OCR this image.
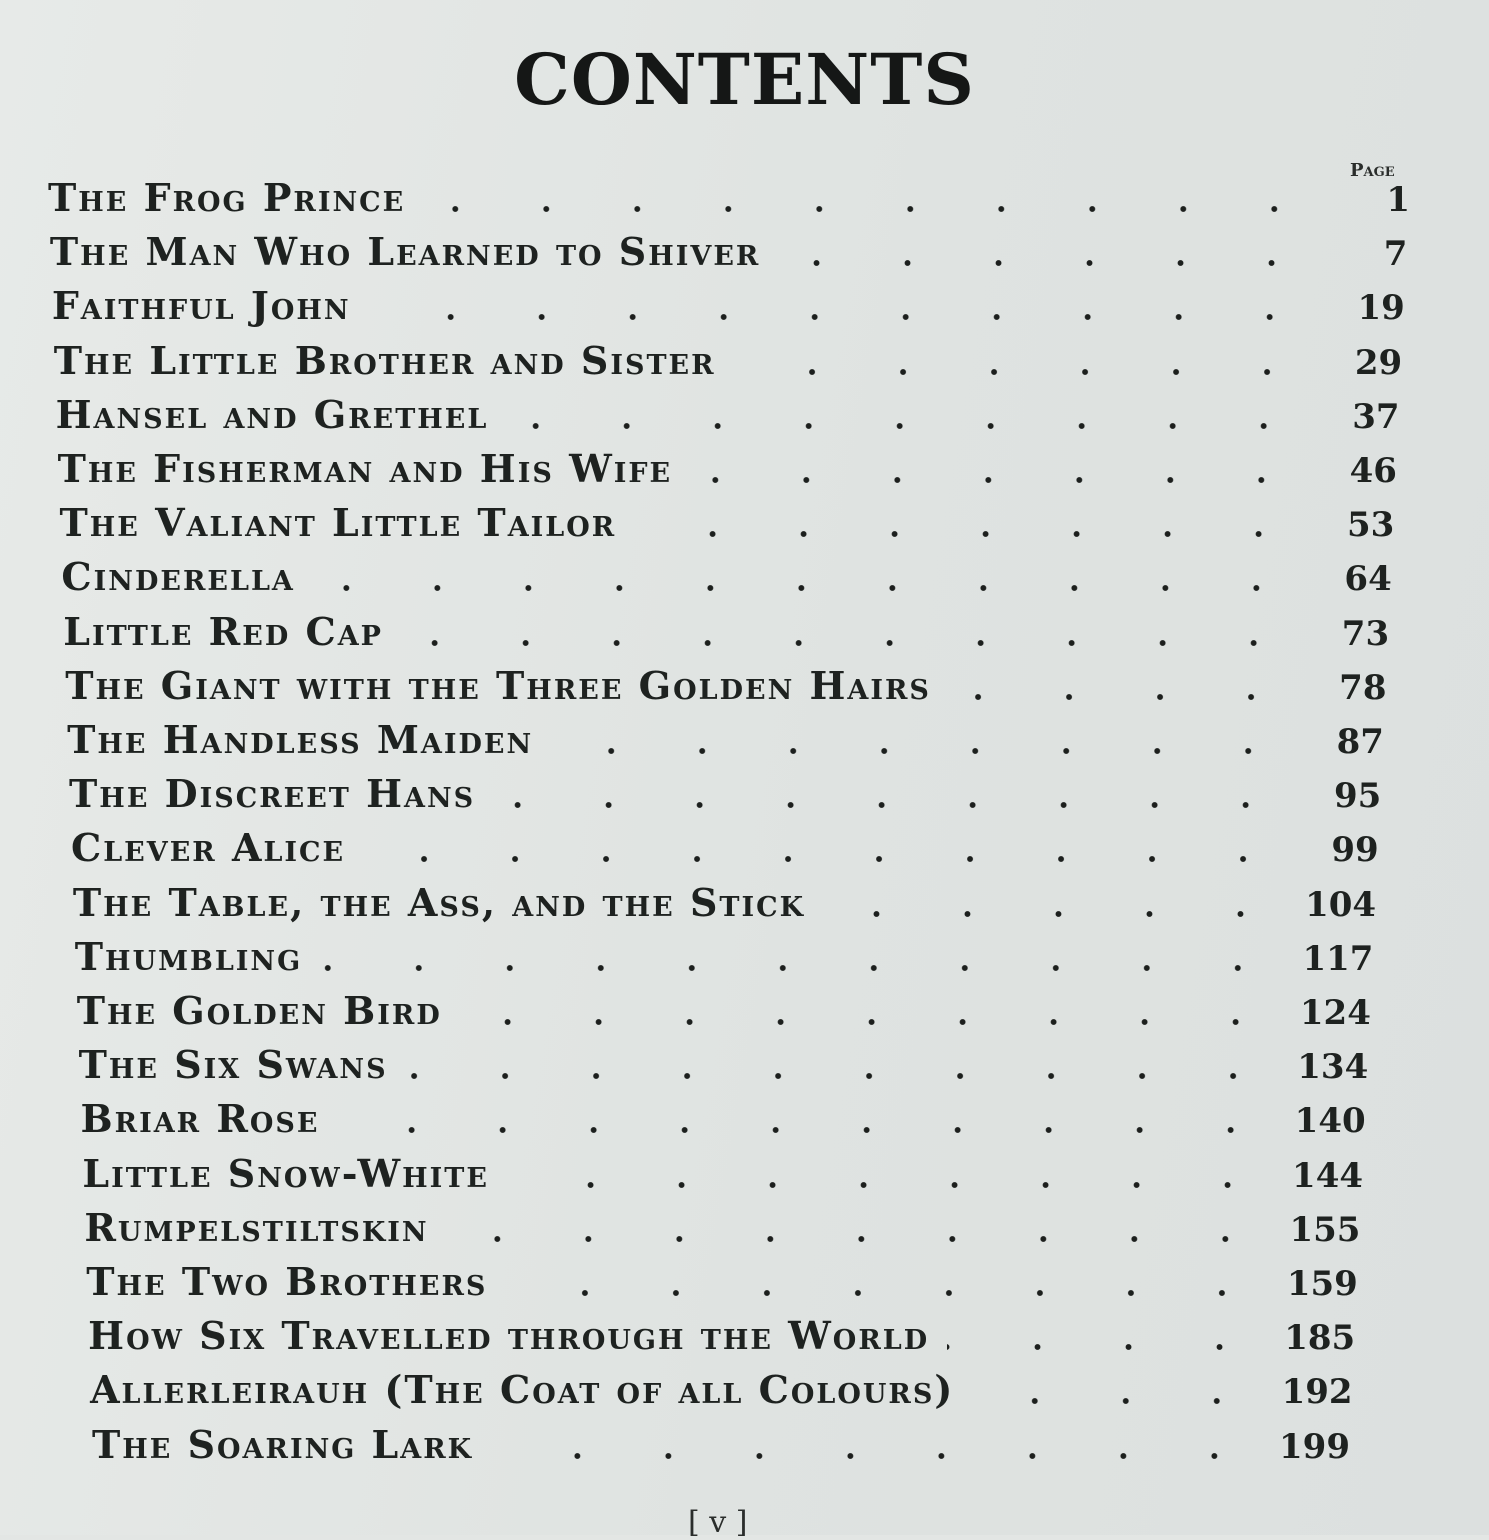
CONTENTS
Page
The Frog Prince	1
The Man Who Learned to Shiver	7
Faithful John	19
The Little Brother and Sister	29
Hansel and Grethel	37
The Fisherman and His Wife	46
The Valiant Little Tailor	53
Cinderella	64
Little Red Cap	73
The Giant with the Three Golden Hairs	78
The Handless Maiden	87
The Discreet Hans	95
Clever Alice	99
The Table, the Ass, and the Stick	104
Thumbling	117
The Golden Bird	124
The Six Swans	134
Briar Rose	140
Little Snow-White	144
Rumpelstiltskin	155
The Two Brothers	159
How Six Travelled through the World	185
Allerleirauh (The Coat of all Colours)	192
The Soaring Lark	199
[ v ]
